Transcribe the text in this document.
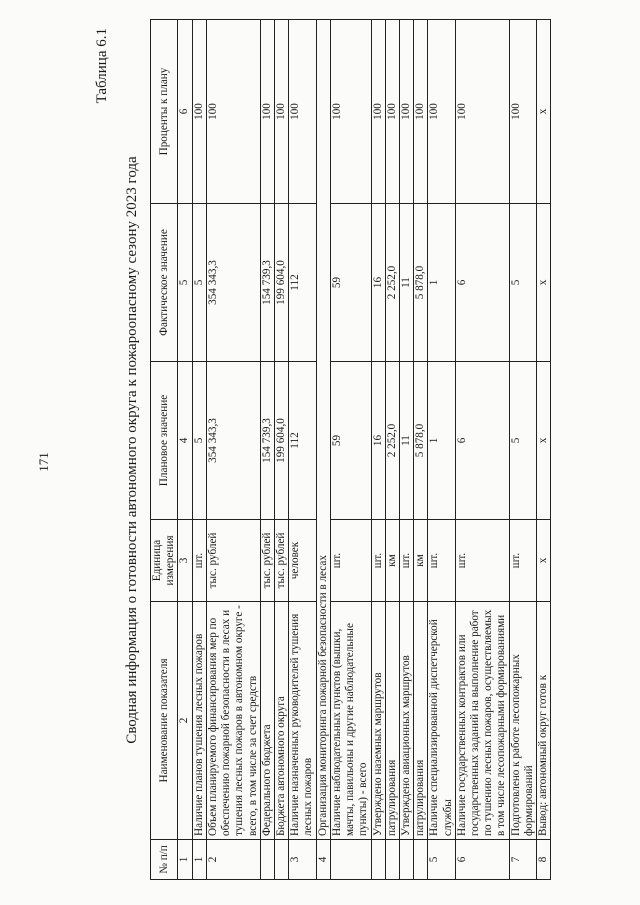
171
Таблица 6.1
Сводная информация о готовности автономного округа к пожароопасному сезону 2023 года
№ п/п	Наименование показателя	Единица измерения	Плановое значение	Фактическое значение	Проценты к плану
1	2	3	4	5	6
1	Наличие планов тушения лесных пожаров	шт.	5	5	100
2	Объем планируемого финансирования мер по обеспечению пожарной безопасности в лесах и тушения лесных пожаров в автономном округе - всего, в том числе за счет средств	тыс. рублей	354 343,3	354 343,3	100
	Федерального бюджета	тыс. рублей	154 739,3	154 739,3	100
	Бюджета автономного округа	тыс. рублей	199 604,0	199 604,0	100
3	Наличие назначенных руководителей тушения лесных пожаров	человек	112	112	100
4	Организация мониторинга пожарной безопасности в лесах				
	Наличие наблюдательных пунктов (вышки, мачты, павильоны и другие наблюдательные пункты) - всего	шт.	59	59	100
	Утверждено наземных маршрутов	шт.	16	16	100
	патрулирования	км	2 252,0	2 252,0	100
	Утверждено авиационных маршрутов	шт.	11	11	100
	патрулирования	км	5 878,0	5 878,0	100
5	Наличие специализированной диспетчерской службы	шт.	1	1	100
6	Наличие государственных контрактов или государственных заданий на выполнение работ по тушению лесных пожаров, осуществляемых в том числе лесопожарными формированиями	шт.	6	6	100
7	Подготовлено к работе лесопожарных формирований	шт.	5	5	100
8	Вывод: автономный округ готов к	х	х	х	х
